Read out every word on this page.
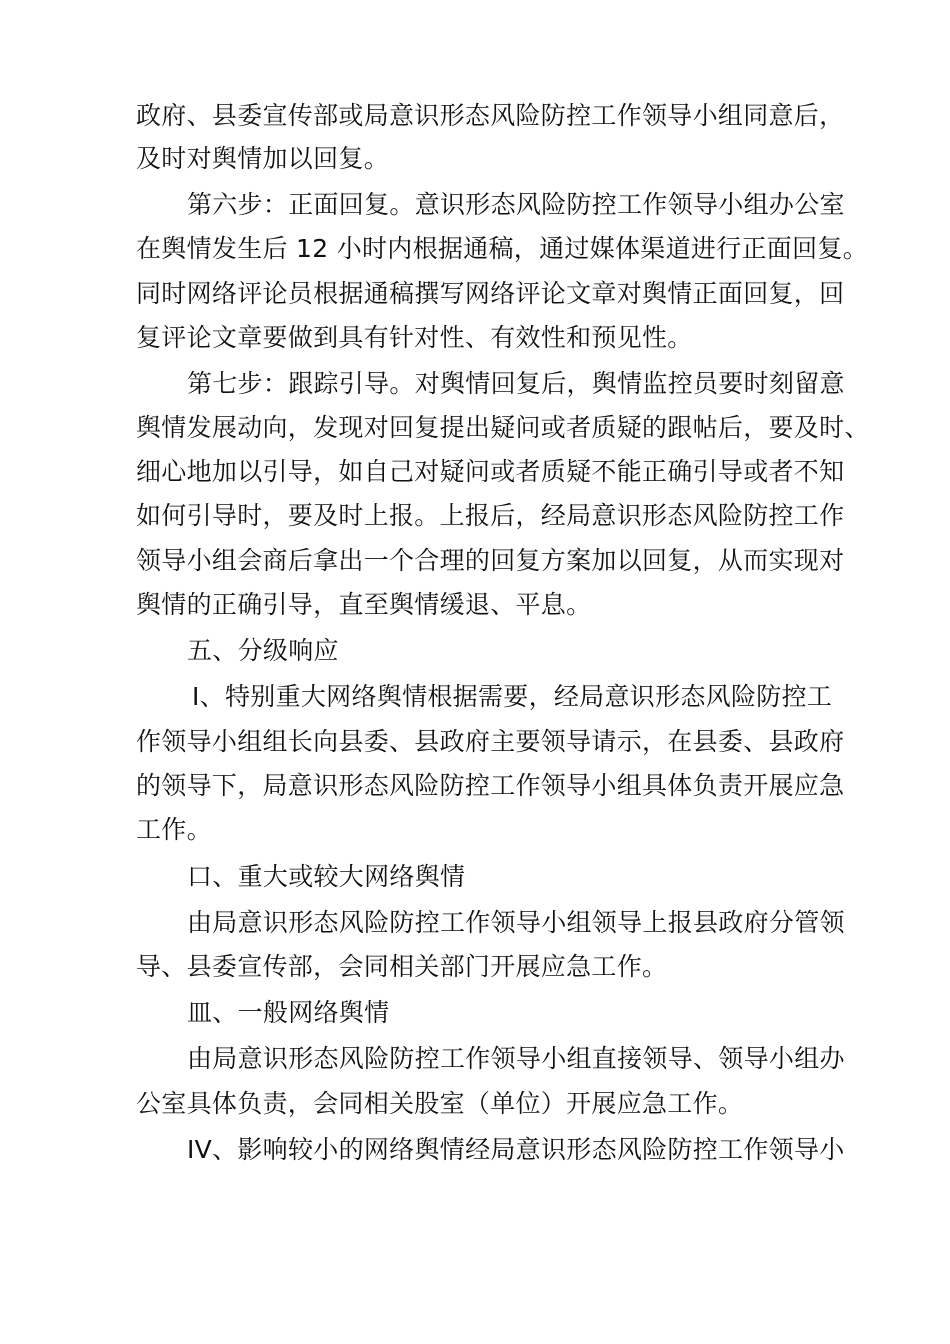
政府、县委宣传部或局意识形态风险防控工作领导小组同意后，
及时对舆情加以回复。
第六步：正面回复。意识形态风险防控工作领导小组办公室
在舆情发生后 12 小时内根据通稿，通过媒体渠道进行正面回复。
同时网络评论员根据通稿撰写网络评论文章对舆情正面回复，回
复评论文章要做到具有针对性、有效性和预见性。
第七步：跟踪引导。对舆情回复后，舆情监控员要时刻留意
舆情发展动向，发现对回复提出疑问或者质疑的跟帖后，要及时、
细心地加以引导，如自己对疑问或者质疑不能正确引导或者不知
如何引导时，要及时上报。上报后，经局意识形态风险防控工作
领导小组会商后拿出一个合理的回复方案加以回复，从而实现对
舆情的正确引导，直至舆情缓退、平息。
五、分级响应
I、特别重大网络舆情根据需要，经局意识形态风险防控工
作领导小组组长向县委、县政府主要领导请示，在县委、县政府
的领导下，局意识形态风险防控工作领导小组具体负责开展应急
工作。
口、重大或较大网络舆情
由局意识形态风险防控工作领导小组领导上报县政府分管领
导、县委宣传部，会同相关部门开展应急工作。
皿、一般网络舆情
由局意识形态风险防控工作领导小组直接领导、领导小组办
公室具体负责，会同相关股室（单位）开展应急工作。
IV、影响较小的网络舆情经局意识形态风险防控工作领导小
